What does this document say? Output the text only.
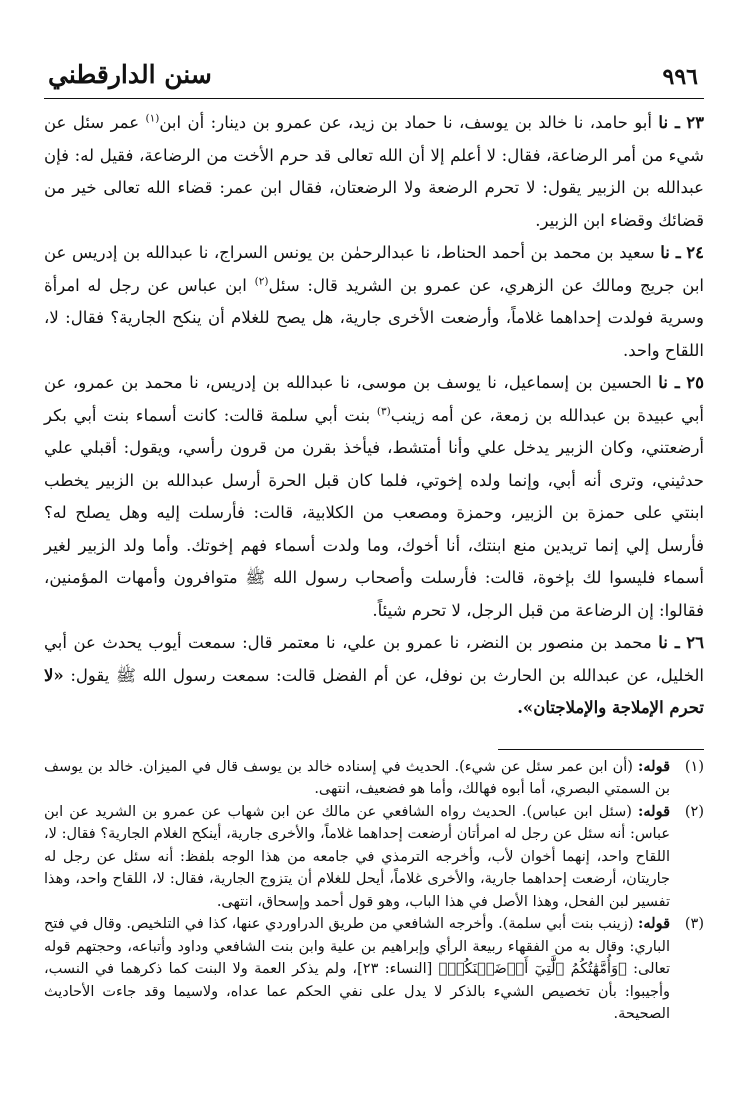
٩٩٦
سنن الدارقطني

٢٣ ـ نا أبو حامد، نا خالد بن يوسف، نا حماد بن زيد، عن عمرو بن دينار: أن ابن$^{(١)}$ عمر سئل عن شيء من أمر الرضاعة، فقال: لا أعلم إلا أن الله تعالى قد حرم الأخت من الرضاعة، فقيل له: فإن عبدالله بن الزبير يقول: لا تحرم الرضعة ولا الرضعتان، فقال ابن عمر: قضاء الله تعالى خير من قضائك وقضاء ابن الزبير.

٢٤ ـ نا سعيد بن محمد بن أحمد الحناط، نا عبدالرحمٰن بن يونس السراج، نا عبدالله بن إدريس عن ابن جريج ومالك عن الزهري، عن عمرو بن الشريد قال: سئل$^{(٢)}$ ابن عباس عن رجل له امرأة وسرية فولدت إحداهما غلاماً، وأرضعت الأخرى جارية، هل يصح للغلام أن ينكح الجارية؟ فقال: لا، اللقاح واحد.

٢٥ ـ نا الحسين بن إسماعيل، نا يوسف بن موسى، نا عبدالله بن إدريس، نا محمد بن عمرو، عن أبي عبيدة بن عبدالله بن زمعة، عن أمه زينب$^{(٣)}$ بنت أبي سلمة قالت: كانت أسماء بنت أبي بكر أرضعتني، وكان الزبير يدخل علي وأنا أمتشط، فيأخذ بقرن من قرون رأسي، ويقول: أقبلي علي حدثيني، وترى أنه أبي، وإنما ولده إخوتي، فلما كان قبل الحرة أرسل عبدالله بن الزبير يخطب ابنتي على حمزة بن الزبير، وحمزة ومصعب من الكلابية، قالت: فأرسلت إليه وهل يصلح له؟ فأرسل إلي إنما تريدين منع ابنتك، أنا أخوك، وما ولدت أسماء فهم إخوتك. وأما ولد الزبير لغير أسماء فليسوا لك بإخوة، قالت: فأرسلت وأصحاب رسول الله ﷺ متوافرون وأمهات المؤمنين، فقالوا: إن الرضاعة من قبل الرجل، لا تحرم شيئاً.

٢٦ ـ نا محمد بن منصور بن النضر، نا عمرو بن علي، نا معتمر قال: سمعت أيوب يحدث عن أبي الخليل، عن عبدالله بن الحارث بن نوفل، عن أم الفضل قالت: سمعت رسول الله ﷺ يقول: «لا تحرم الإملاجة والإملاجتان».

(١)
قوله: (أن ابن عمر سئل عن شيء). الحديث في إسناده خالد بن يوسف قال في الميزان. خالد بن يوسف بن السمتي البصري، أما أبوه فهالك، وأما هو فضعيف، انتهى.

(٢)
قوله: (سئل ابن عباس). الحديث رواه الشافعي عن مالك عن ابن شهاب عن عمرو بن الشريد عن ابن عباس: أنه سئل عن رجل له امرأتان أرضعت إحداهما غلاماً، والأخرى جارية، أينكح الغلام الجارية؟ فقال: لا، اللقاح واحد، إنهما أخوان لأب، وأخرجه الترمذي في جامعه من هذا الوجه بلفظ: أنه سئل عن رجل له جاريتان، أرضعت إحداهما جارية، والأخرى غلاماً، أيحل للغلام أن يتزوج الجارية، فقال: لا، اللقاح واحد، وهذا تفسير لبن الفحل، وهذا الأصل في هذا الباب، وهو قول أحمد وإسحاق، انتهى.

(٣)
قوله: (زينب بنت أبي سلمة). وأخرجه الشافعي من طريق الدراوردي عنها، كذا في التلخيص. وقال في فتح الباري: وقال به من الفقهاء ربيعة الرأي وإبراهيم بن علية وابن بنت الشافعي وداود وأتباعه، وحجتهم قوله تعالى: ﴿وَأُمَّهَٰتُكُمُ ٱلَّٰتِيٓ أَرۡضَعۡنَكُمۡ﴾ [النساء: ٢٣]، ولم يذكر العمة ولا البنت كما ذكرهما في النسب، وأجيبوا: بأن تخصيص الشيء بالذكر لا يدل على نفي الحكم عما عداه، ولاسيما وقد جاءت الأحاديث الصحيحة.
